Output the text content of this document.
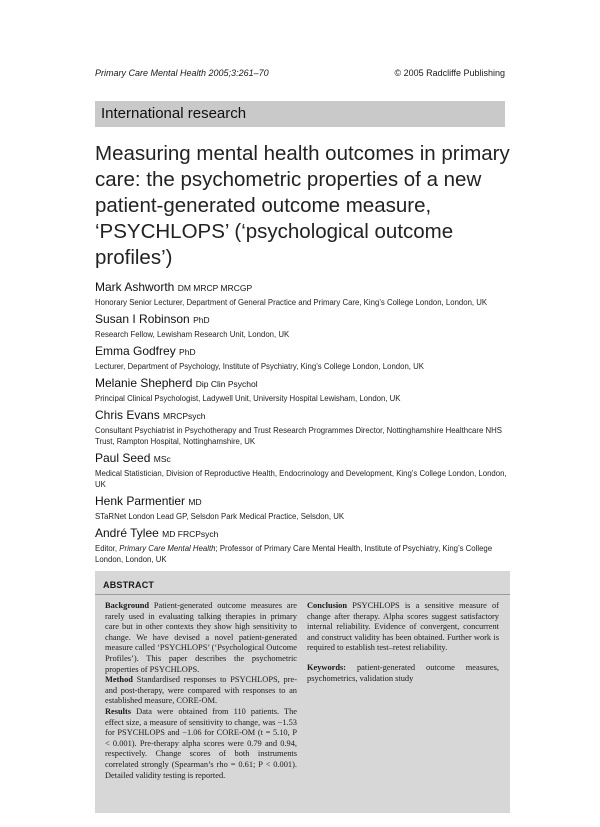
Primary Care Mental Health 2005;3:261–70	© 2005 Radcliffe Publishing
International research
Measuring mental health outcomes in primary care: the psychometric properties of a new patient-generated outcome measure, ‘PSYCHLOPS’ (‘psychological outcome profiles’)
Mark Ashworth DM MRCP MRCGP
Honorary Senior Lecturer, Department of General Practice and Primary Care, King’s College London, London, UK
Susan I Robinson PhD
Research Fellow, Lewisham Research Unit, London, UK
Emma Godfrey PhD
Lecturer, Department of Psychology, Institute of Psychiatry, King’s College London, London, UK
Melanie Shepherd Dip Clin Psychol
Principal Clinical Psychologist, Ladywell Unit, University Hospital Lewisham, London, UK
Chris Evans MRCPsych
Consultant Psychiatrist in Psychotherapy and Trust Research Programmes Director, Nottinghamshire Healthcare NHS Trust, Rampton Hospital, Nottinghamshire, UK
Paul Seed MSc
Medical Statistician, Division of Reproductive Health, Endocrinology and Development, King’s College London, London, UK
Henk Parmentier MD
STaRNet London Lead GP, Selsdon Park Medical Practice, Selsdon, UK
André Tylee MD FRCPsych
Editor, Primary Care Mental Health; Professor of Primary Care Mental Health, Institute of Psychiatry, King’s College London, London, UK
ABSTRACT

Background Patient-generated outcome measures are rarely used in evaluating talking therapies in primary care but in other contexts they show high sensitivity to change. We have devised a novel patient-generated measure called ‘PSYCHLOPS’ (‘Psychological Outcome Profiles’). This paper describes the psychometric properties of PSYCHLOPS.

Method Standardised responses to PSYCHLOPS, pre- and post-therapy, were compared with responses to an established measure, CORE-OM.

Results Data were obtained from 110 patients. The effect size, a measure of sensitivity to change, was −1.53 for PSYCHLOPS and −1.06 for CORE-OM (t = 5.10, P < 0.001). Pre-therapy alpha scores were 0.79 and 0.94, respectively. Change scores of both instruments correlated strongly (Spearman’s rho = 0.61; P < 0.001). Detailed validity testing is reported.

Conclusion PSYCHLOPS is a sensitive measure of change after therapy. Alpha scores suggest satisfactory internal reliability. Evidence of convergent, concurrent and construct validity has been obtained. Further work is required to establish test–retest reliability.

Keywords: patient-generated outcome measures, psychometrics, validation study
